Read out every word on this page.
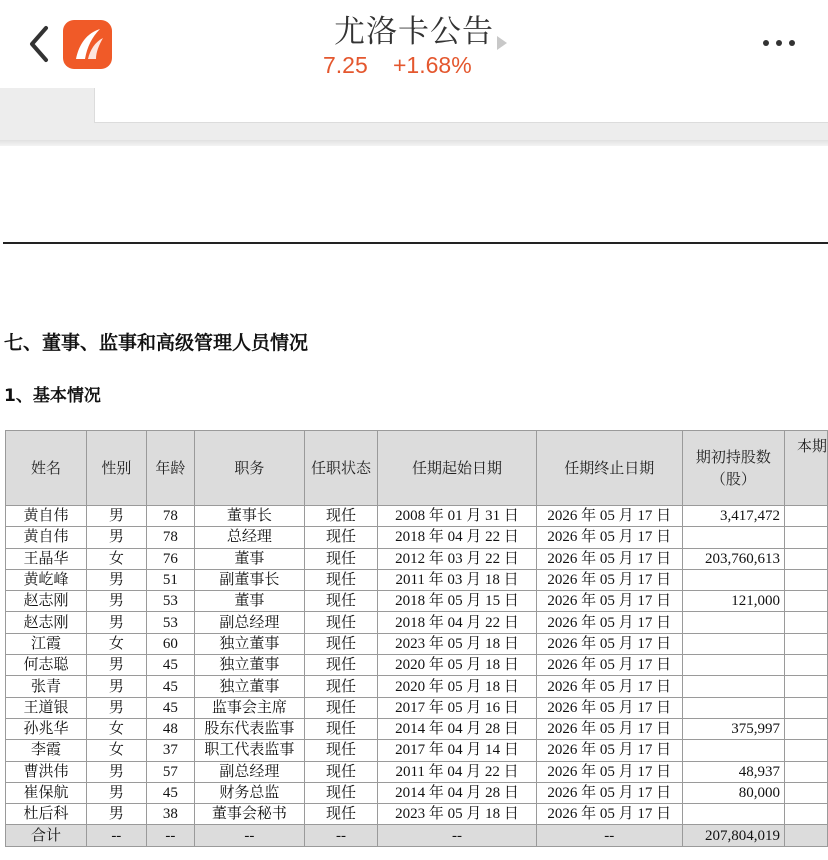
尤洛卡公告
7.25 +1.68%
七、董事、监事和高级管理人员情况
1、基本情况
姓名	性别	年龄	职务	任职状态	任期起始日期	任期终止日期	期初持股数（股）	本期
黄自伟	男	78	董事长	现任	2008 年 01 月 31 日	2026 年 05 月 17 日	3,417,472	
黄自伟	男	78	总经理	现任	2018 年 04 月 22 日	2026 年 05 月 17 日		
王晶华	女	76	董事	现任	2012 年 03 月 22 日	2026 年 05 月 17 日	203,760,613	
黄屹峰	男	51	副董事长	现任	2011 年 03 月 18 日	2026 年 05 月 17 日		
赵志刚	男	53	董事	现任	2018 年 05 月 15 日	2026 年 05 月 17 日	121,000	
赵志刚	男	53	副总经理	现任	2018 年 04 月 22 日	2026 年 05 月 17 日		
江霞	女	60	独立董事	现任	2023 年 05 月 18 日	2026 年 05 月 17 日		
何志聪	男	45	独立董事	现任	2020 年 05 月 18 日	2026 年 05 月 17 日		
张青	男	45	独立董事	现任	2020 年 05 月 18 日	2026 年 05 月 17 日		
王道银	男	45	监事会主席	现任	2017 年 05 月 16 日	2026 年 05 月 17 日		
孙兆华	女	48	股东代表监事	现任	2014 年 04 月 28 日	2026 年 05 月 17 日	375,997	
李霞	女	37	职工代表监事	现任	2017 年 04 月 14 日	2026 年 05 月 17 日		
曹洪伟	男	57	副总经理	现任	2011 年 04 月 22 日	2026 年 05 月 17 日	48,937	
崔保航	男	45	财务总监	现任	2014 年 04 月 28 日	2026 年 05 月 17 日	80,000	
杜后科	男	38	董事会秘书	现任	2023 年 05 月 18 日	2026 年 05 月 17 日		
合计	--	--	--	--	--	--	207,804,019	
